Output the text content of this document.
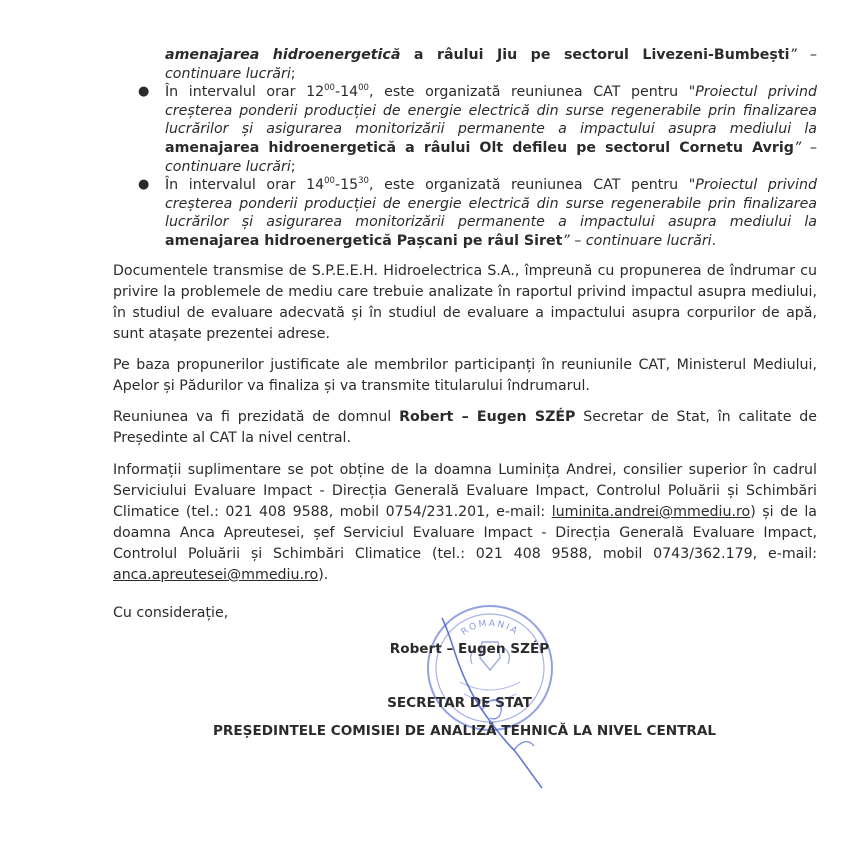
amenajarea hidroenergetică a râului Jiu pe sectorul Livezeni-Bumbești” – continuare lucrări;
● În intervalul orar $12^{00}-14^{00}$, este organizată reuniunea CAT pentru "Proiectul privind creșterea ponderii producției de energie electrică din surse regenerabile prin finalizarea lucrărilor și asigurarea monitorizării permanente a impactului asupra mediului la amenajarea hidroenergetică a râului Olt defileu pe sectorul Cornetu Avrig” – continuare lucrări;
● În intervalul orar $14^{00}-15^{30}$, este organizată reuniunea CAT pentru "Proiectul privind creșterea ponderii producției de energie electrică din surse regenerabile prin finalizarea lucrărilor și asigurarea monitorizării permanente a impactului asupra mediului la amenajarea hidroenergetică Pașcani pe râul Siret” – continuare lucrări.
Documentele transmise de S.P.E.E.H. Hidroelectrica S.A., împreună cu propunerea de îndrumar cu privire la problemele de mediu care trebuie analizate în raportul privind impactul asupra mediului, în studiul de evaluare adecvată și în studiul de evaluare a impactului asupra corpurilor de apă, sunt atașate prezentei adrese.
Pe baza propunerilor justificate ale membrilor participanți în reuniunile CAT, Ministerul Mediului, Apelor și Pădurilor va finaliza și va transmite titularului îndrumarul.
Reuniunea va fi prezidată de domnul Robert – Eugen SZÉP Secretar de Stat, în calitate de Președinte al CAT la nivel central.
Informații suplimentare se pot obține de la doamna Luminița Andrei, consilier superior în cadrul Serviciului Evaluare Impact - Direcția Generală Evaluare Impact, Controlul Poluării și Schimbări Climatice (tel.: 021 408 9588, mobil 0754/231.201, e-mail: luminita.andrei@mmediu.ro) și de la doamna Anca Apreutesei, șef Serviciul Evaluare Impact - Direcția Generală Evaluare Impact, Controlul Poluării și Schimbări Climatice (tel.: 021 408 9588, mobil 0743/362.179, e-mail: anca.apreutesei@mmediu.ro).
Cu considerație,
ROMANIA
Robert – Eugen SZÉP
SECRETAR DE STAT
PREȘEDINTELE COMISIEI DE ANALIZĂ TEHNICĂ LA NIVEL CENTRAL
